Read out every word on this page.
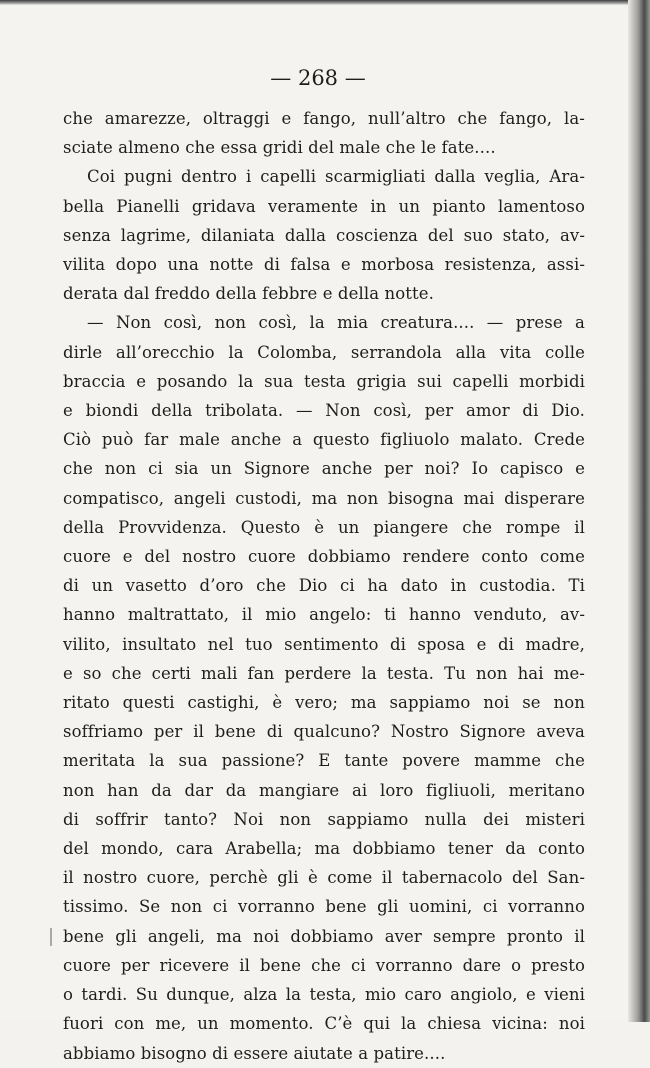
— 268 —
che amarezze, oltraggi e fango, null’altro che fango, la-
sciate almeno che essa gridi del male che le fate....
Coi pugni dentro i capelli scarmigliati dalla veglia, Ara-
bella Pianelli gridava veramente in un pianto lamentoso
senza lagrime, dilaniata dalla coscienza del suo stato, av-
vilita dopo una notte di falsa e morbosa resistenza, assi-
derata dal freddo della febbre e della notte.
— Non così, non così, la mia creatura.... — prese a
dirle all’orecchio la Colomba, serrandola alla vita colle
braccia e posando la sua testa grigia sui capelli morbidi
e biondi della tribolata. — Non così, per amor di Dio.
Ciò può far male anche a questo figliuolo malato. Crede
che non ci sia un Signore anche per noi? Io capisco e
compatisco, angeli custodi, ma non bisogna mai disperare
della Provvidenza. Questo è un piangere che rompe il
cuore e del nostro cuore dobbiamo rendere conto come
di un vasetto d’oro che Dio ci ha dato in custodia. Ti
hanno maltrattato, il mio angelo: ti hanno venduto, av-
vilito, insultato nel tuo sentimento di sposa e di madre,
e so che certi mali fan perdere la testa. Tu non hai me-
ritato questi castighi, è vero; ma sappiamo noi se non
soffriamo per il bene di qualcuno? Nostro Signore aveva
meritata la sua passione? E tante povere mamme che
non han da dar da mangiare ai loro figliuoli, meritano
di soffrir tanto? Noi non sappiamo nulla dei misteri
del mondo, cara Arabella; ma dobbiamo tener da conto
il nostro cuore, perchè gli è come il tabernacolo del San-
tissimo. Se non ci vorranno bene gli uomini, ci vorranno
bene gli angeli, ma noi dobbiamo aver sempre pronto il
cuore per ricevere il bene che ci vorranno dare o presto
o tardi. Su dunque, alza la testa, mio caro angiolo, e vieni
fuori con me, un momento. C’è qui la chiesa vicina: noi
abbiamo bisogno di essere aiutate a patire....
